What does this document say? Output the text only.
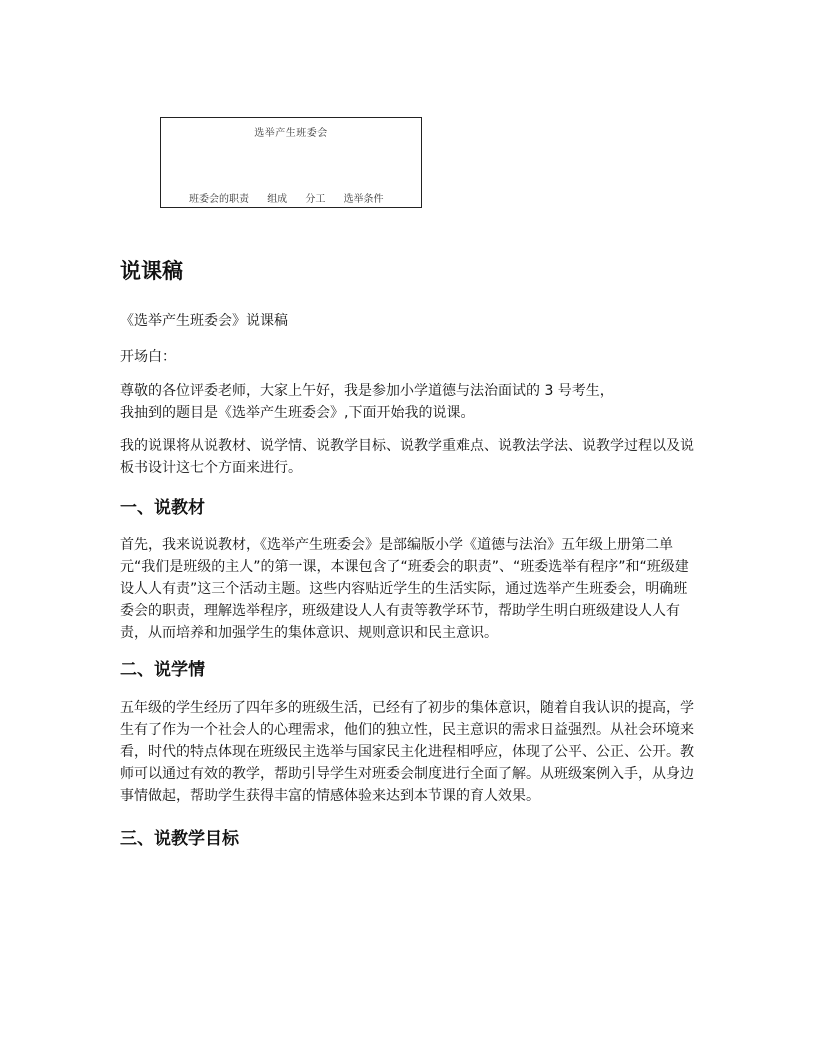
选举产生班委会
班委会的职责 组成 分工 选举条件
说课稿

《选举产生班委会》说课稿

开场白：

尊敬的各位评委老师，大家上午好，我是参加小学道德与法治面试的 3 号考生，

我抽到的题目是《选举产生班委会》,下面开始我的说课。

我的说课将从说教材、说学情、说教学目标、说教学重难点、说教法学法、说教学过程以及说板书设计这七个方面来进行。

一、说教材

首先，我来说说教材，《选举产生班委会》是部编版小学《道德与法治》五年级上册第二单元“我们是班级的主人”的第一课，本课包含了“班委会的职责”、“班委选举有程序”和“班级建设人人有责”这三个活动主题。这些内容贴近学生的生活实际，通过选举产生班委会，明确班委会的职责，理解选举程序，班级建设人人有责等教学环节，帮助学生明白班级建设人人有责，从而培养和加强学生的集体意识、规则意识和民主意识。

二、说学情

五年级的学生经历了四年多的班级生活，已经有了初步的集体意识，随着自我认识的提高，学生有了作为一个社会人的心理需求，他们的独立性，民主意识的需求日益强烈。从社会环境来看，时代的特点体现在班级民主选举与国家民主化进程相呼应，体现了公平、公正、公开。教师可以通过有效的教学，帮助引导学生对班委会制度进行全面了解。从班级案例入手，从身边事情做起，帮助学生获得丰富的情感体验来达到本节课的育人效果。

三、说教学目标
